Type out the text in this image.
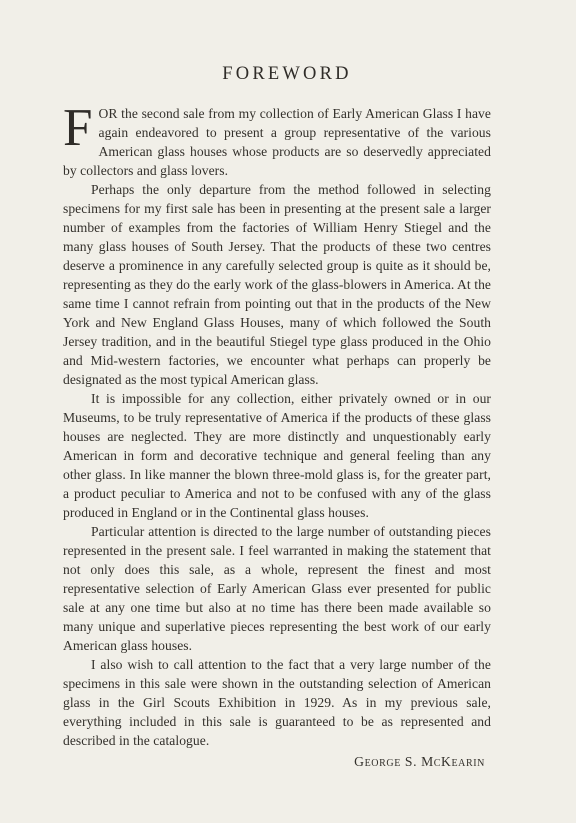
FOREWORD

FOR the second sale from my collection of Early American Glass I have again endeavored to present a group representative of the various American glass houses whose products are so deservedly appreciated by collectors and glass lovers.

Perhaps the only departure from the method followed in selecting specimens for my first sale has been in presenting at the present sale a larger number of examples from the factories of William Henry Stiegel and the many glass houses of South Jersey. That the products of these two centres deserve a prominence in any carefully selected group is quite as it should be, representing as they do the early work of the glass-blowers in America. At the same time I cannot refrain from pointing out that in the products of the New York and New England Glass Houses, many of which followed the South Jersey tradition, and in the beautiful Stiegel type glass produced in the Ohio and Mid-western factories, we encounter what perhaps can properly be designated as the most typical American glass.

It is impossible for any collection, either privately owned or in our Museums, to be truly representative of America if the products of these glass houses are neglected. They are more distinctly and unquestionably early American in form and decorative technique and general feeling than any other glass. In like manner the blown three-mold glass is, for the greater part, a product peculiar to America and not to be confused with any of the glass produced in England or in the Continental glass houses.

Particular attention is directed to the large number of outstanding pieces represented in the present sale. I feel warranted in making the statement that not only does this sale, as a whole, represent the finest and most representative selection of Early American Glass ever presented for public sale at any one time but also at no time has there been made available so many unique and superlative pieces representing the best work of our early American glass houses.

I also wish to call attention to the fact that a very large number of the specimens in this sale were shown in the outstanding selection of American glass in the Girl Scouts Exhibition in 1929. As in my previous sale, everything included in this sale is guaranteed to be as represented and described in the catalogue.

George S. McKearin
